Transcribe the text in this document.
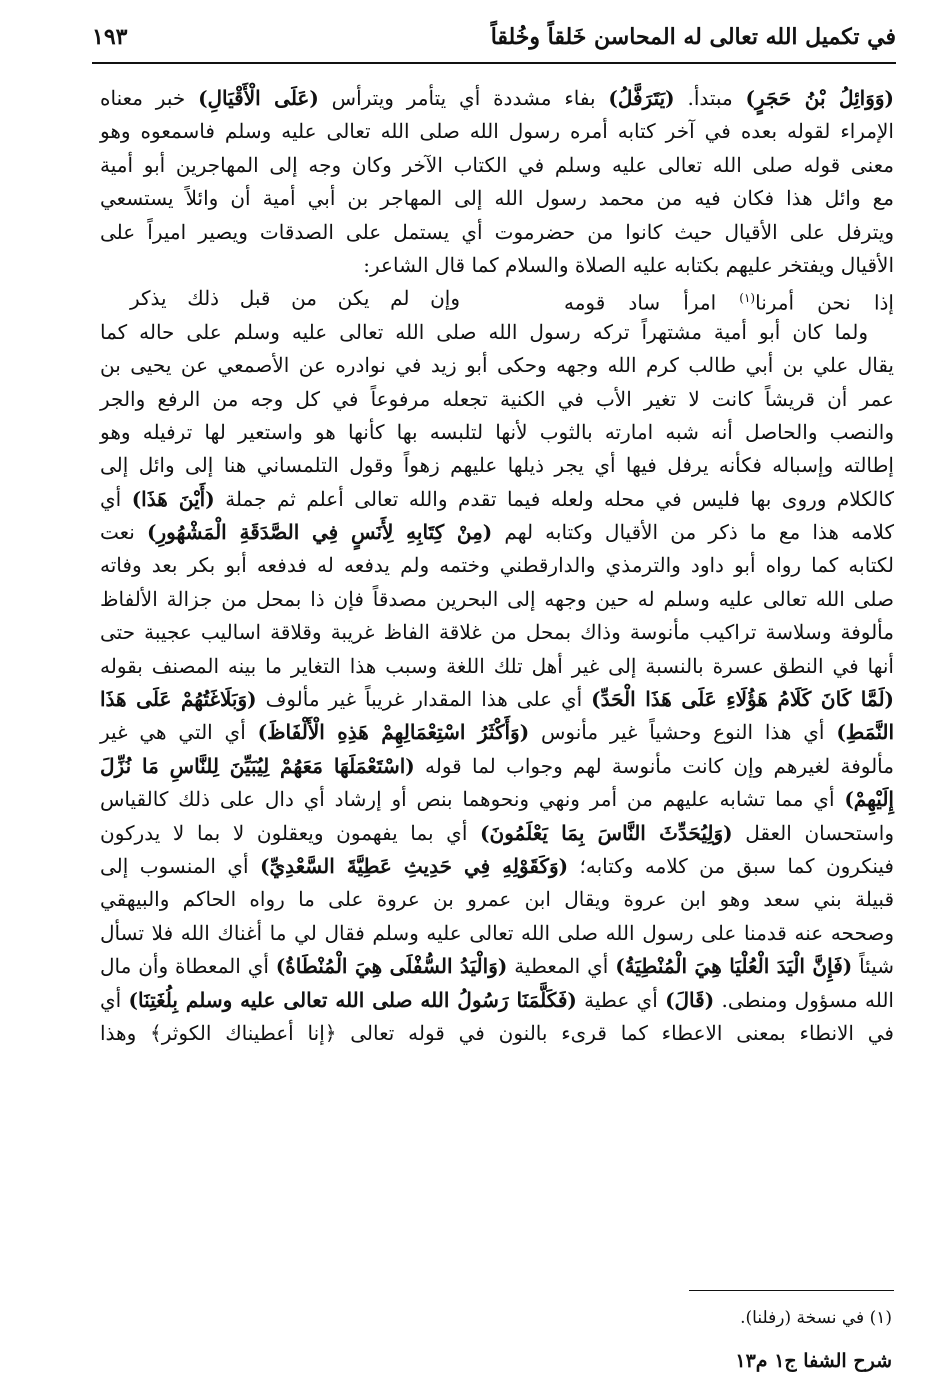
في تكميل الله تعالى له المحاسن خَلقاً وخُلقاً
١٩٣
(وَوَائِلُ بْنُ حَجَرٍ) مبتدأ. (يَتَرَفَّلُ) بفاء مشددة أي يتأمر ويترأس (عَلَى الْأَقْيَالِ) خبر معناه
الإمراء لقوله بعده في آخر كتابه أمره رسول الله صلى الله تعالى عليه وسلم فاسمعوه وهو
معنى قوله صلى الله تعالى عليه وسلم في الكتاب الآخر وكان وجه إلى المهاجرين أبو أمية
مع وائل هذا فكان فيه من محمد رسول الله إلى المهاجر بن أبي أمية أن وائلاً يستسعي
ويترفل على الأقيال حيث كانوا من حضرموت أي يستمل على الصدقات ويصير اميراً على
الأقيال ويفتخر عليهم بكتابه عليه الصلاة والسلام كما قال الشاعر:
إذا نحن أمرنا$^{(١)}$ امرأ ساد قومه
وإن لم يكن من قبل ذلك يذكر
ولما كان أبو أمية مشتهراً تركه رسول الله صلى الله تعالى عليه وسلم على حاله كما
يقال علي بن أبي طالب كرم الله وجهه وحكى أبو زيد في نوادره عن الأصمعي عن يحيى بن
عمر أن قريشاً كانت لا تغير الأب في الكنية تجعله مرفوعاً في كل وجه من الرفع والجر
والنصب والحاصل أنه شبه امارته بالثوب لأنها لتلبسه بها كأنها هو واستعير لها ترفيله وهو
إطالته وإسباله فكأنه يرفل فيها أي يجر ذيلها عليهم زهواً وقول التلمساني هنا إلى وائل إلى
كالكلام وروى بها فليس في محله ولعله فيما تقدم والله تعالى أعلم ثم جملة (أَيْنَ هَذَا) أي
كلامه هذا مع ما ذكر من الأقيال وكتابه لهم (مِنْ كِتَابِهِ لِأَنَسٍ فِي الصَّدَقَةِ الْمَشْهُورِ) نعت
لكتابه كما رواه أبو داود والترمذي والدارقطني وختمه ولم يدفعه له فدفعه أبو بكر بعد وفاته
صلى الله تعالى عليه وسلم له حين وجهه إلى البحرين مصدقاً فإن ذا بمحل من جزالة الألفاظ
مألوفة وسلاسة تراكيب مأنوسة وذاك بمحل من غلاقة الفاظ غريبة وقلاقة اساليب عجيبة حتى
أنها في النطق عسرة بالنسبة إلى غير أهل تلك اللغة وسبب هذا التغاير ما بينه المصنف بقوله
(لَمَّا كَانَ كَلَامُ هَؤُلَاءِ عَلَى هَذَا الْحَدِّ) أي على هذا المقدار غريباً غير مألوف (وَبَلَاغَتُهُمْ عَلَى هَذَا
النَّمَطِ) أي هذا النوع وحشياً غير مأنوس (وَأَكْثَرُ اسْتِعْمَالِهِمْ هَذِهِ الْأَلْفَاظَ) أي التي هي غير
مألوفة لغيرهم وإن كانت مأنوسة لهم وجواب لما قوله (اسْتَعْمَلَهَا مَعَهُمْ لِيُبَيِّنَ لِلنَّاسِ مَا نُزِّلَ
إِلَيْهِمْ) أي مما تشابه عليهم من أمر ونهي ونحوهما بنص أو إرشاد أي دال على ذلك كالقياس
واستحسان العقل (وَلِيُحَدِّثَ النَّاسَ بِمَا يَعْلَمُونَ) أي بما يفهمون ويعقلون لا بما لا يدركون
فينكرون كما سبق من كلامه وكتابه؛ (وَكَقَوْلِهِ فِي حَدِيثِ عَطِيَّةَ السَّعْدِيِّ) أي المنسوب إلى
قبيلة بني سعد وهو ابن عروة ويقال ابن عمرو بن عروة على ما رواه الحاكم والبيهقي
وصححه عنه قدمنا على رسول الله صلى الله تعالى عليه وسلم فقال لي ما أغناك الله فلا تسأل
شيئاً (فَإِنَّ الْيَدَ الْعُلْيَا هِيَ الْمُنْطِيَةُ) أي المعطية (وَالْيَدُ السُّفْلَى هِيَ الْمُنْطَاةُ) أي المعطاة وأن مال
الله مسؤول ومنطى. (قَالَ) أي عطية (فَكَلَّمَنَا رَسُولُ الله صلى الله تعالى عليه وسلم بِلُغَتِنَا) أي
في الانطاء بمعنى الاعطاء كما قرىء بالنون في قوله تعالى ﴿إنا أعطيناك الكوثر﴾ وهذا
(١) في نسخة (رفلنا).
شرح الشفا ج١ م١٣
